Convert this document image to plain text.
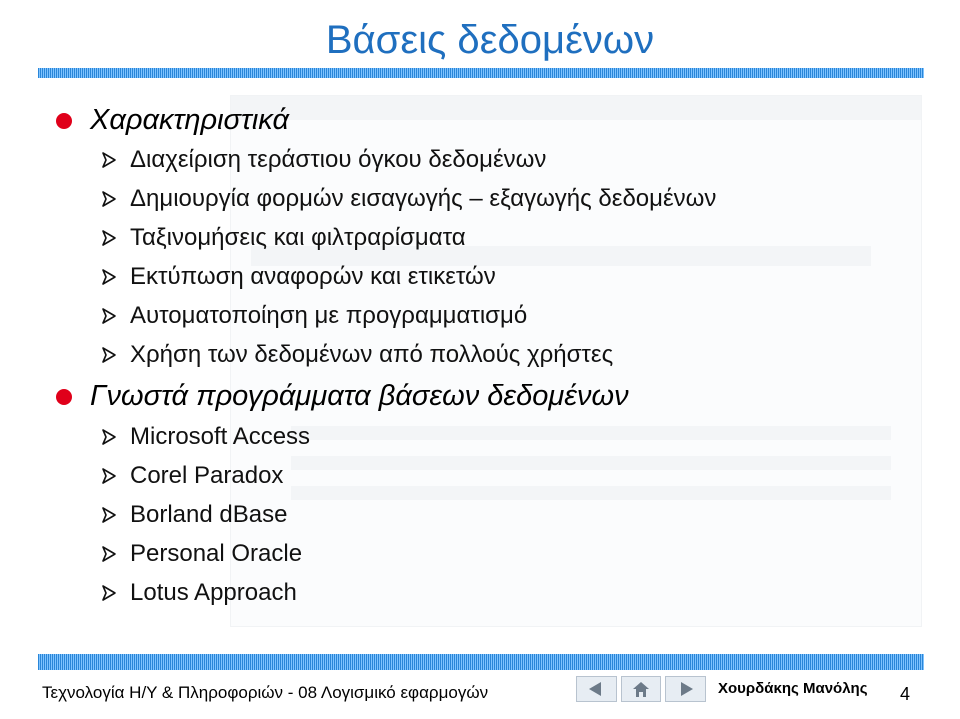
Βάσεις δεδομένων
Χαρακτηριστικά
Διαχείριση τεράστιου όγκου δεδομένων
Δημιουργία φορμών εισαγωγής – εξαγωγής δεδομένων
Ταξινομήσεις και φιλτραρίσματα
Εκτύπωση αναφορών και ετικετών
Αυτοματοποίηση με προγραμματισμό
Χρήση των δεδομένων από πολλούς χρήστες
Γνωστά προγράμματα βάσεων δεδομένων
Microsoft Access
Corel Paradox
Borland dBase
Personal Oracle
Lotus Approach
Τεχνολογία Η/Υ & Πληροφοριών - 08 Λογισμικό εφαρμογών	Χουρδάκης Μανόλης 4
